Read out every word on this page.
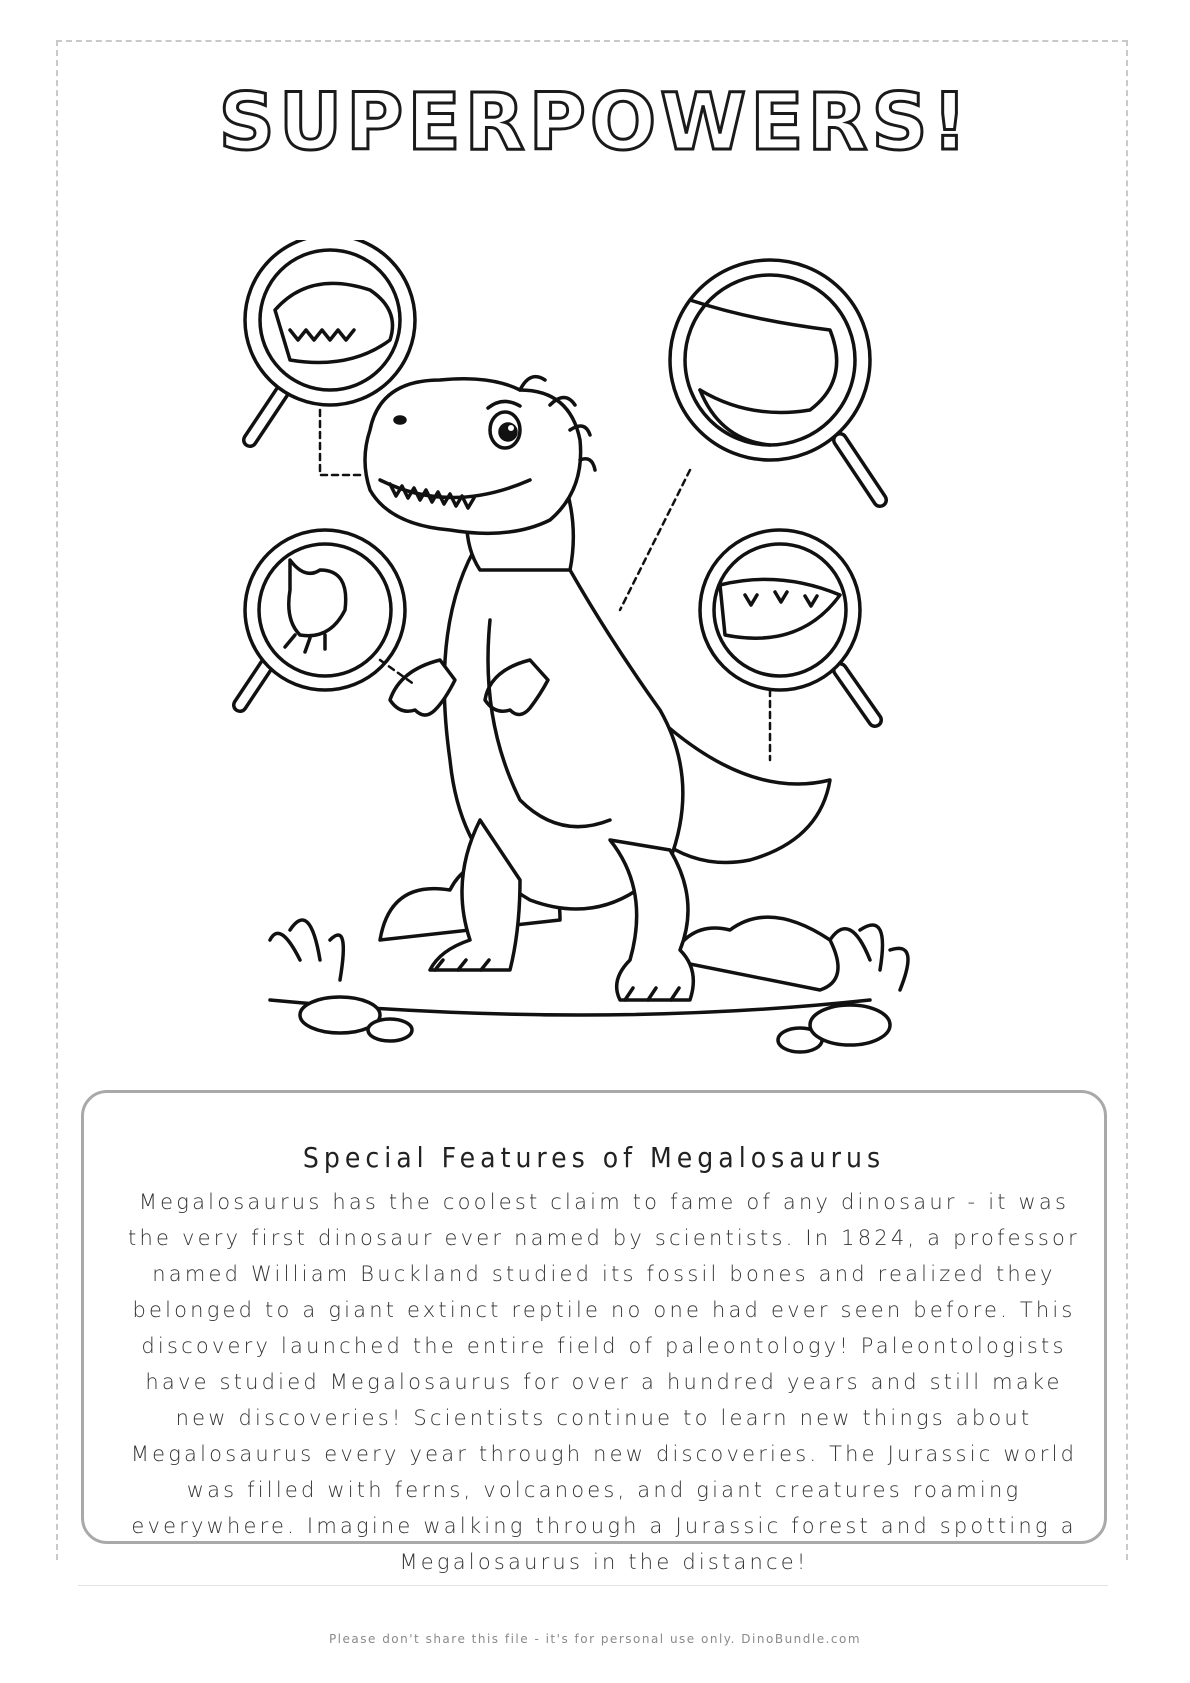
SUPERPOWERS!
Special Features of Megalosaurus

Megalosaurus has the coolest claim to fame of any dinosaur - it was the very first dinosaur ever named by scientists. In 1824, a professor named William Buckland studied its fossil bones and realized they belonged to a giant extinct reptile no one had ever seen before. This discovery launched the entire field of paleontology! Paleontologists have studied Megalosaurus for over a hundred years and still make new discoveries! Scientists continue to learn new things about Megalosaurus every year through new discoveries. The Jurassic world was filled with ferns, volcanoes, and giant creatures roaming everywhere. Imagine walking through a Jurassic forest and spotting a Megalosaurus in the distance!

Please don't share this file - it's for personal use only. DinoBundle.com
